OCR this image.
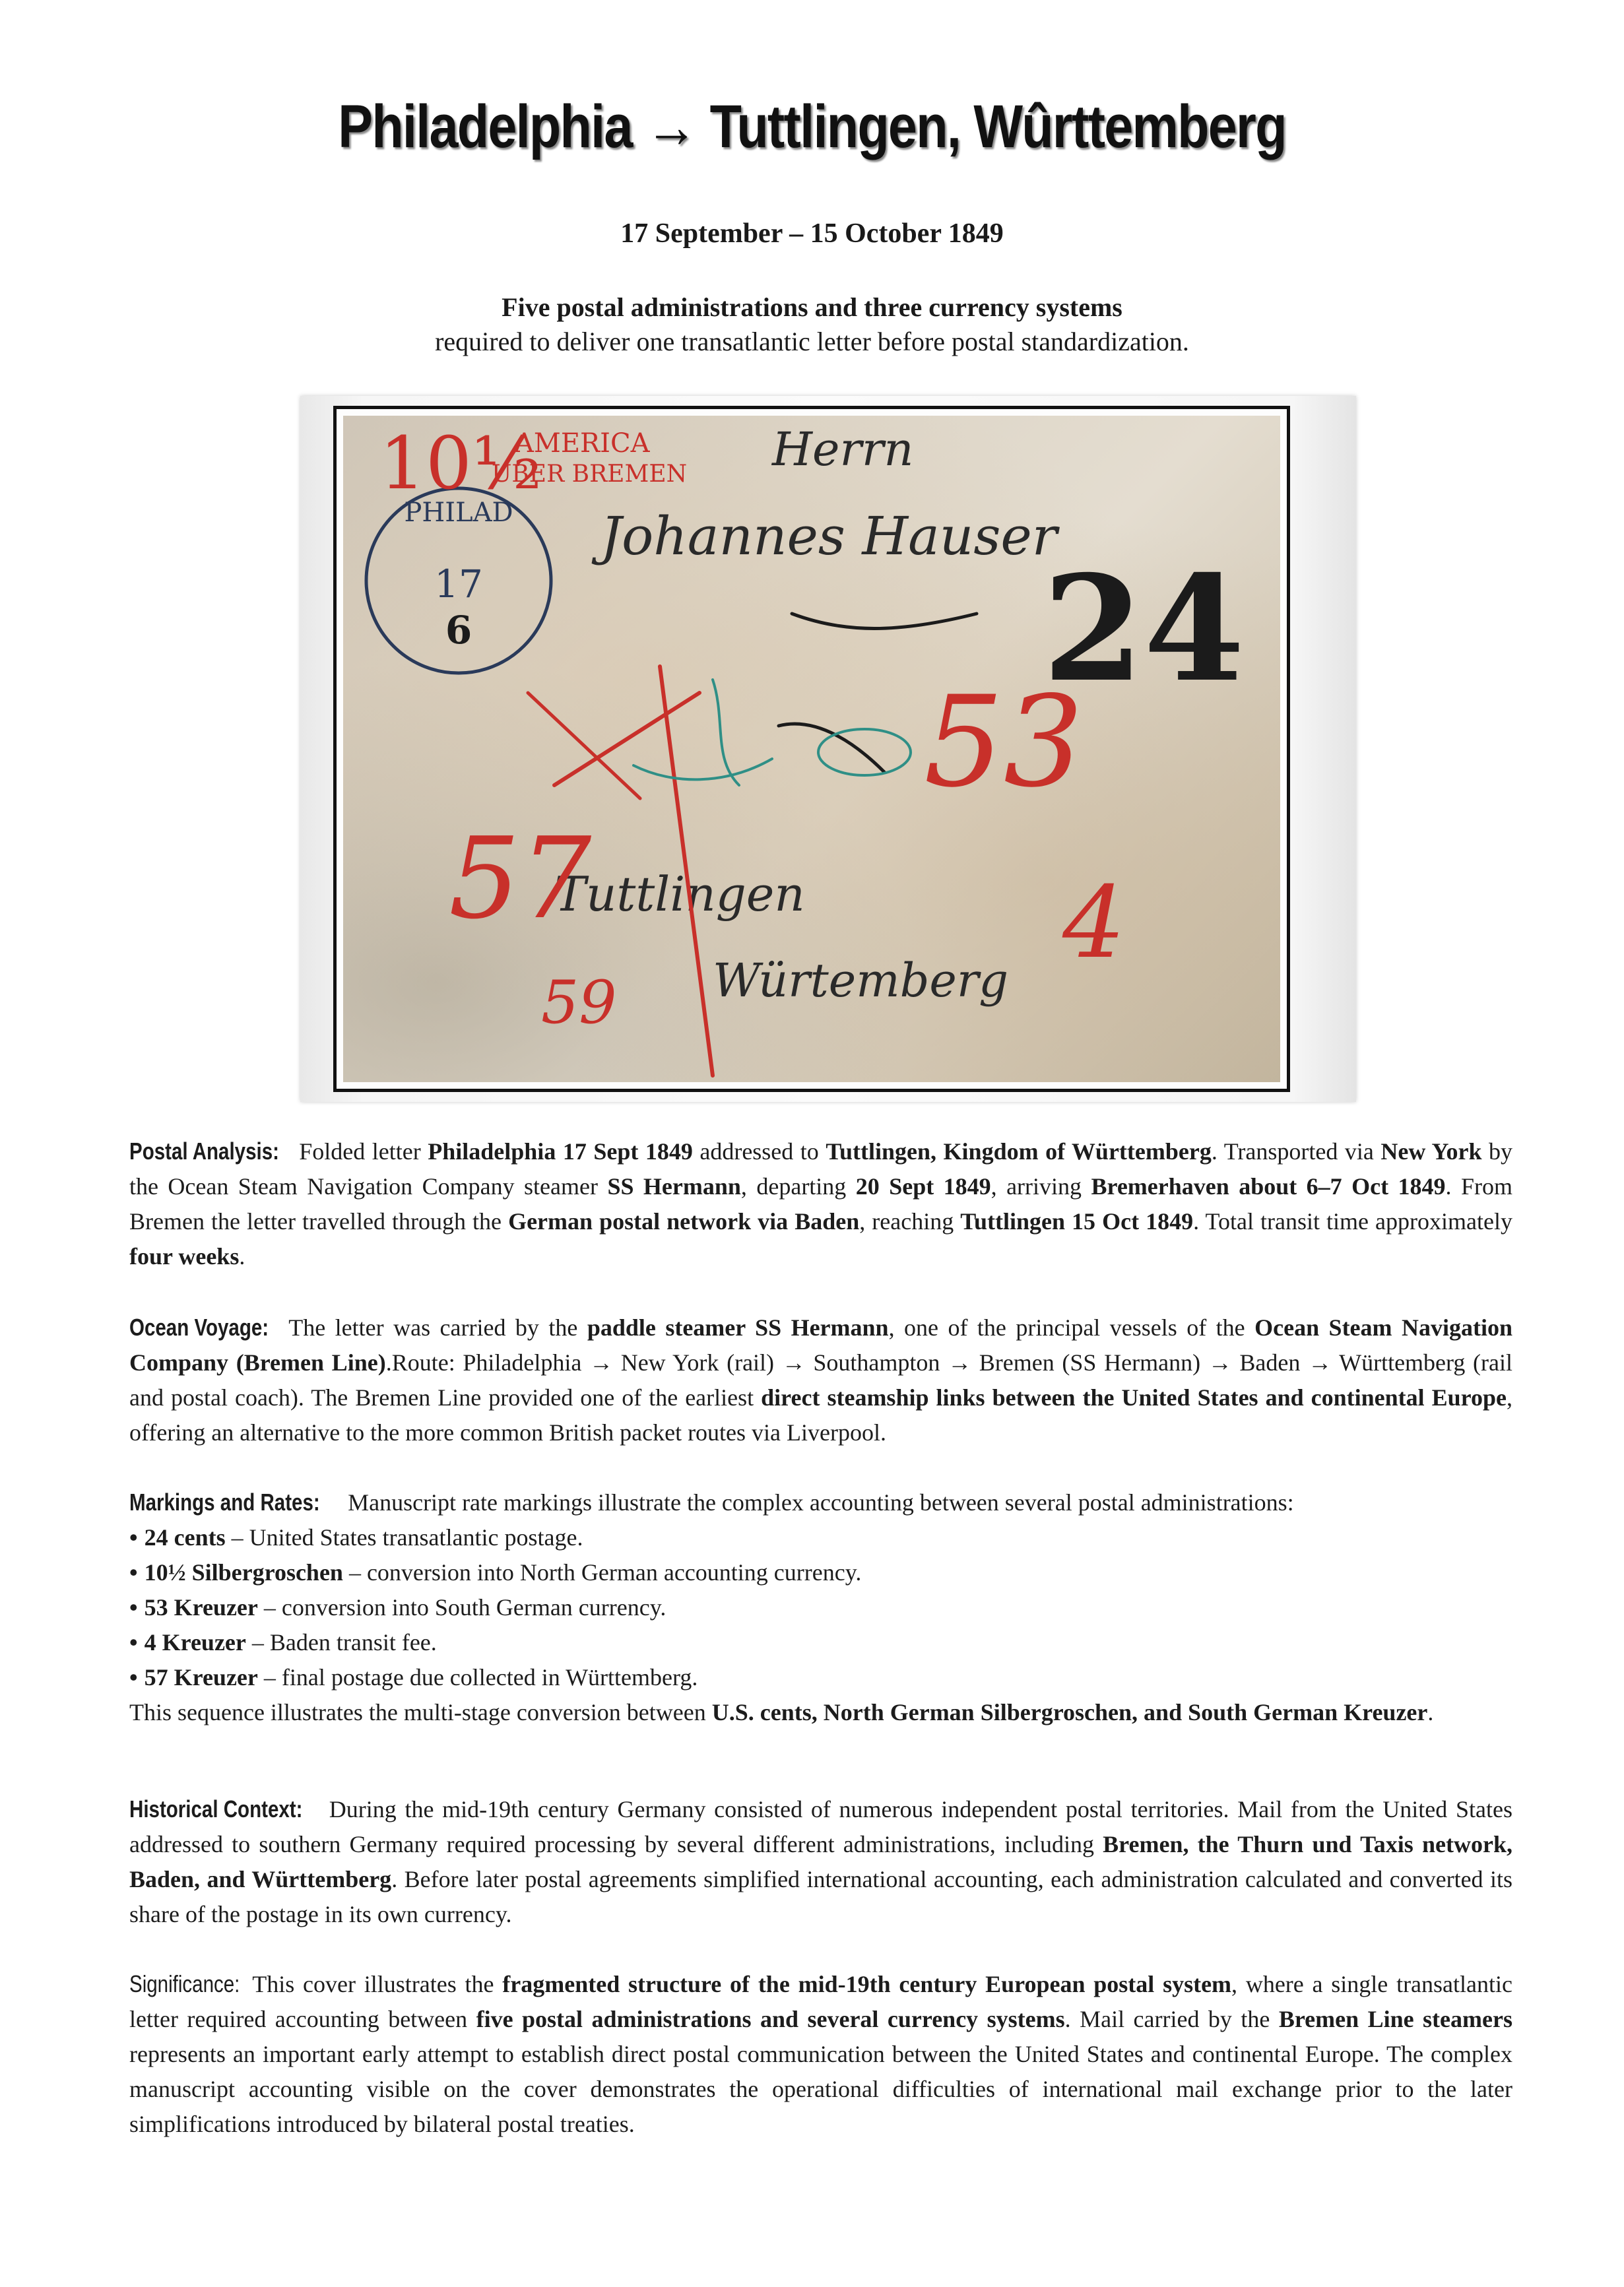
Philadelphia → Tuttlingen, Wûrttemberg
17 September – 15 October 1849
Five postal administrations and three currency systems
required to deliver one transatlantic letter before postal standardization.
17
6
PHILAD
AMERICA
UBER BREMEN
10½	Herrn
Johannes Hauser
Tuttlingen
Würtemberg
24
57
59
53
4
Postal Analysis: Folded letter Philadelphia 17 Sept 1849 addressed to Tuttlingen, Kingdom of Württemberg. Transported via New York by the Ocean Steam Navigation Company steamer SS Hermann, departing 20 Sept 1849, arriving Bremerhaven about 6–7 Oct 1849. From Bremen the letter travelled through the German postal network via Baden, reaching Tuttlingen 15 Oct 1849. Total transit time approximately four weeks.
Ocean Voyage: The letter was carried by the paddle steamer SS Hermann, one of the principal vessels of the Ocean Steam Navigation Company (Bremen Line).Route: Philadelphia → New York (rail) → Southampton → Bremen (SS Hermann) → Baden → Württemberg (rail and postal coach). The Bremen Line provided one of the earliest direct steamship links between the United States and continental Europe, offering an alternative to the more common British packet routes via Liverpool.
Markings and Rates: Manuscript rate markings illustrate the complex accounting between several postal administrations:
• 24 cents – United States transatlantic postage.
• 10½ Silbergroschen – conversion into North German accounting currency.
• 53 Kreuzer – conversion into South German currency.
• 4 Kreuzer – Baden transit fee.
• 57 Kreuzer – final postage due collected in Württemberg.
This sequence illustrates the multi-stage conversion between U.S. cents, North German Silbergroschen, and South German Kreuzer.
Historical Context: During the mid-19th century Germany consisted of numerous independent postal territories. Mail from the United States addressed to southern Germany required processing by several different administrations, including Bremen, the Thurn und Taxis network, Baden, and Württemberg. Before later postal agreements simplified international accounting, each administration calculated and converted its share of the postage in its own currency.
Significance: This cover illustrates the fragmented structure of the mid-19th century European postal system, where a single transatlantic letter required accounting between five postal administrations and several currency systems. Mail carried by the Bremen Line steamers represents an important early attempt to establish direct postal communication between the United States and continental Europe. The complex manuscript accounting visible on the cover demonstrates the operational difficulties of international mail exchange prior to the later simplifications introduced by bilateral postal treaties.
